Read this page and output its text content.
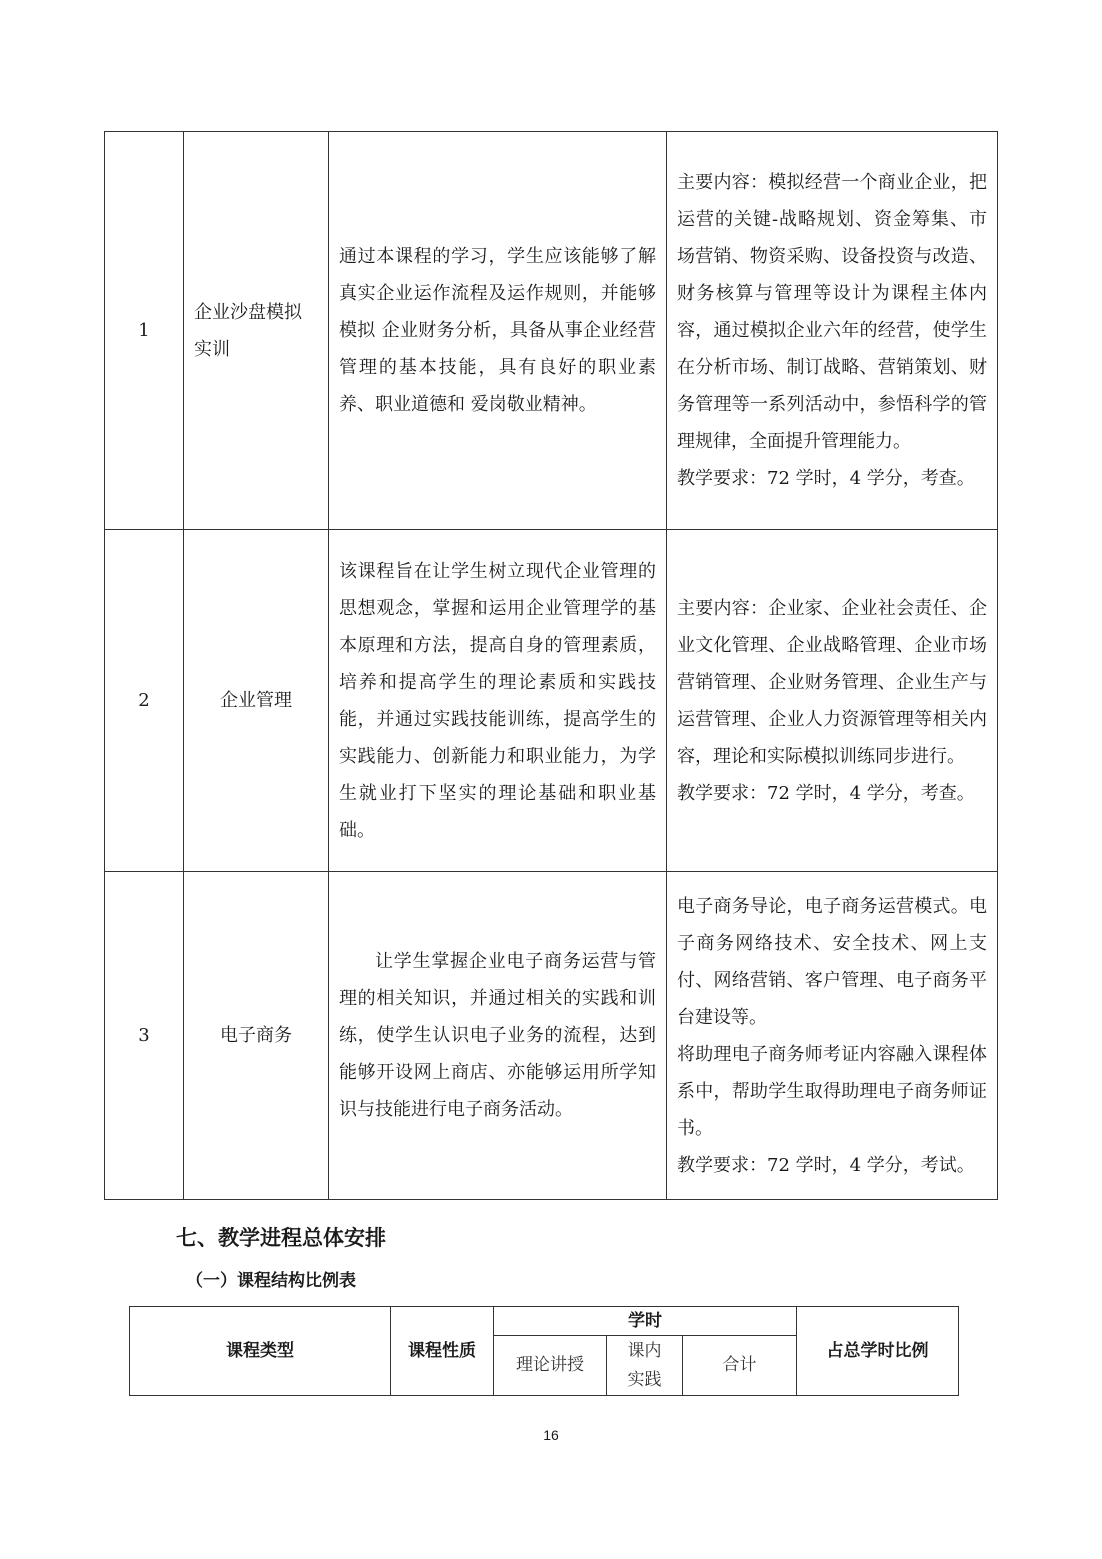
1	企业沙盘模拟实训	通过本课程的学习，学生应该能够了解真实企业运作流程及运作规则，并能够模拟 企业财务分析，具备从事企业经营管理的基本技能，具有良好的职业素养、职业道德和 爱岗敬业精神。	主要内容：模拟经营一个商业企业，把运营的关键-战略规划、资金筹集、市场营销、物资采购、设备投资与改造、财务核算与管理等设计为课程主体内容，通过模拟企业六年的经营，使学生在分析市场、制订战略、营销策划、财务管理等一系列活动中，参悟科学的管理规律，全面提升管理能力。
教学要求：72 学时，4 学分，考查。

2	企业管理	该课程旨在让学生树立现代企业管理的思想观念，掌握和运用企业管理学的基本原理和方法，提高自身的管理素质，培养和提高学生的理论素质和实践技能，并通过实践技能训练，提高学生的实践能力、创新能力和职业能力，为学生就业打下坚实的理论基础和职业基础。	主要内容：企业家、企业社会责任、企业文化管理、企业战略管理、企业市场营销管理、企业财务管理、企业生产与运营管理、企业人力资源管理等相关内容，理论和实际模拟训练同步进行。
教学要求：72 学时，4 学分，考查。

3	电子商务	让学生掌握企业电子商务运营与管理的相关知识，并通过相关的实践和训练，使学生认识电子业务的流程，达到能够开设网上商店、亦能够运用所学知识与技能进行电子商务活动。	电子商务导论，电子商务运营模式。电子商务网络技术、安全技术、网上支付、网络营销、客户管理、电子商务平台建设等。
将助理电子商务师考证内容融入课程体系中，帮助学生取得助理电子商务师证书。
教学要求：72 学时，4 学分，考试。
七、教学进程总体安排
（一）课程结构比例表
课程类型	课程性质	学时			占总学时比例
		理论讲授	课内实践	合计	
16
